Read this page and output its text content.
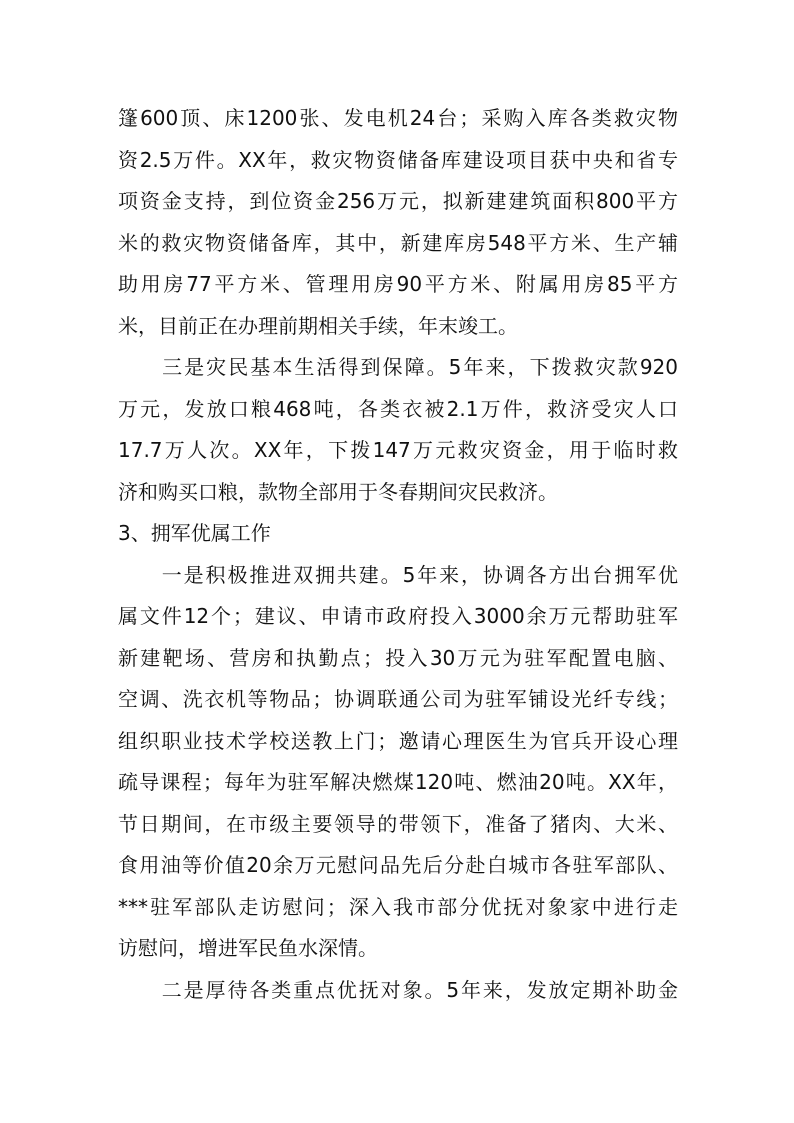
篷600顶、床1200张、发电机24台；采购入库各类救灾物
资2.5万件。XX年，救灾物资储备库建设项目获中央和省专
项资金支持，到位资金256万元，拟新建建筑面积800平方
米的救灾物资储备库，其中，新建库房548平方米、生产辅
助用房77平方米、管理用房90平方米、附属用房85平方
米，目前正在办理前期相关手续，年末竣工。
　　三是灾民基本生活得到保障。5年来，下拨救灾款920
万元，发放口粮468吨，各类衣被2.1万件，救济受灾人口
17.7万人次。XX年，下拨147万元救灾资金，用于临时救
济和购买口粮，款物全部用于冬春期间灾民救济。
3、拥军优属工作
　　一是积极推进双拥共建。5年来，协调各方出台拥军优
属文件12个；建议、申请市政府投入3000余万元帮助驻军
新建靶场、营房和执勤点；投入30万元为驻军配置电脑、
空调、洗衣机等物品；协调联通公司为驻军铺设光纤专线；
组织职业技术学校送教上门；邀请心理医生为官兵开设心理
疏导课程；每年为驻军解决燃煤120吨、燃油20吨。XX年，
节日期间，在市级主要领导的带领下，准备了猪肉、大米、
食用油等价值20余万元慰问品先后分赴白城市各驻军部队、
***驻军部队走访慰问；深入我市部分优抚对象家中进行走
访慰问，增进军民鱼水深情。
　　二是厚待各类重点优抚对象。5年来，发放定期补助金
